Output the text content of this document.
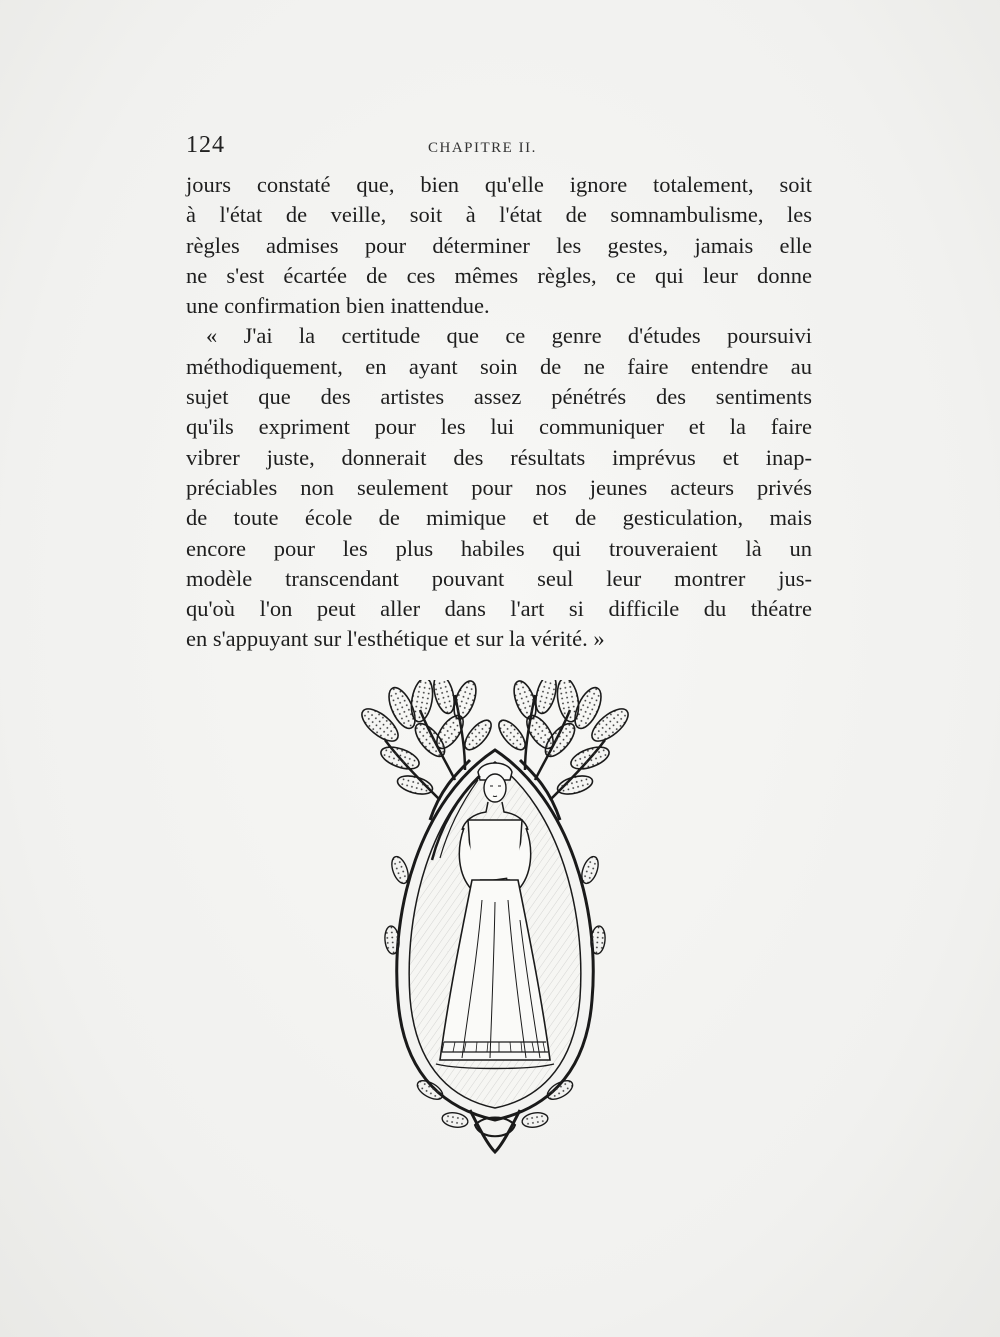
124	CHAPITRE II.
jours constaté que, bien qu'elle ignore totalement, soit
à l'état de veille, soit à l'état de somnambulisme, les
règles admises pour déterminer les gestes, jamais elle
ne s'est écartée de ces mêmes règles, ce qui leur donne
une confirmation bien inattendue.
« J'ai la certitude que ce genre d'études poursuivi
méthodiquement, en ayant soin de ne faire entendre au
sujet que des artistes assez pénétrés des sentiments
qu'ils expriment pour les lui communiquer et la faire
vibrer juste, donnerait des résultats imprévus et inap-
préciables non seulement pour nos jeunes acteurs privés
de toute école de mimique et de gesticulation, mais
encore pour les plus habiles qui trouveraient là un
modèle transcendant pouvant seul leur montrer jus-
qu'où l'on peut aller dans l'art si difficile du théatre
en s'appuyant sur l'esthétique et sur la vérité. »
